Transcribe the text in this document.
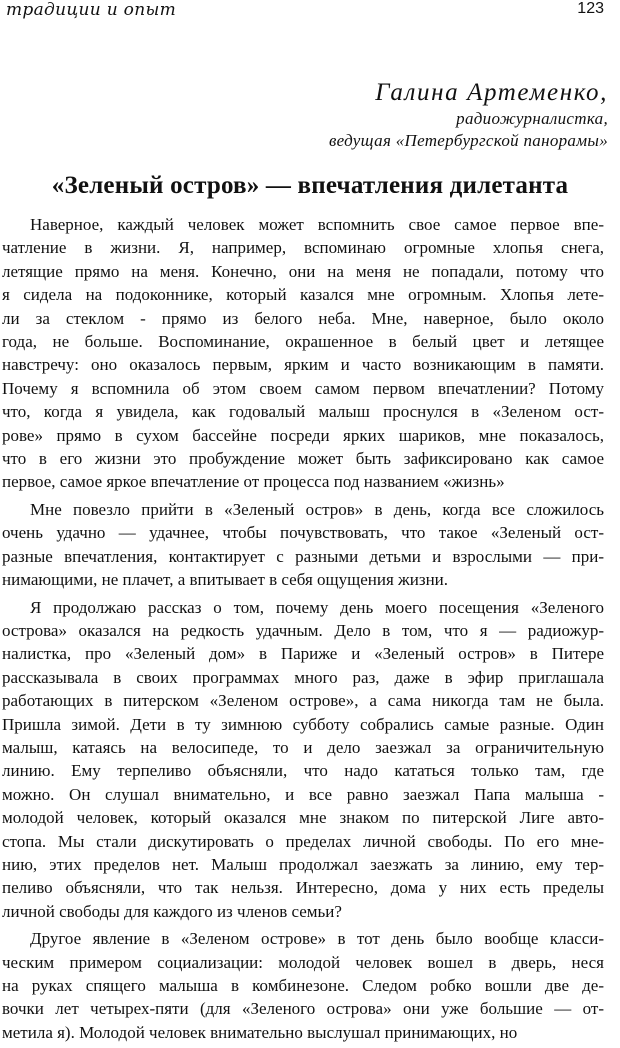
традиции и опыт	123
Галина Артеменко,
радиожурналистка,
ведущая «Петербургской панорамы»
«Зеленый остров» — впечатления дилетанта
Наверное, каждый человек может вспомнить свое самое первое впе-
чатление в жизни. Я, например, вспоминаю огромные хлопья снега,
летящие прямо на меня. Конечно, они на меня не попадали, потому что
я сидела на подоконнике, который казался мне огромным. Хлопья лете-
ли за стеклом - прямо из белого неба. Мне, наверное, было около
года, не больше. Воспоминание, окрашенное в белый цвет и летящее
навстречу: оно оказалось первым, ярким и часто возникающим в памяти.
Почему я вспомнила об этом своем самом первом впечатлении? Потому
что, когда я увидела, как годовалый малыш проснулся в «Зеленом ост-
рове» прямо в сухом бассейне посреди ярких шариков, мне показалось,
что в его жизни это пробуждение может быть зафиксировано как самое
первое, самое яркое впечатление от процесса под названием «жизнь»
Мне повезло прийти в «Зеленый остров» в день, когда все сложилось
очень удачно — удачнее, чтобы почувствовать, что такое «Зеленый ост-
разные впечатления, контактирует с разными детьми и взрослыми — при-
нимающими, не плачет, а впитывает в себя ощущения жизни.
Я продолжаю рассказ о том, почему день моего посещения «Зеленого
острова» оказался на редкость удачным. Дело в том, что я — радиожур-
налистка, про «Зеленый дом» в Париже и «Зеленый остров» в Питере
рассказывала в своих программах много раз, даже в эфир приглашала
работающих в питерском «Зеленом острове», а сама никогда там не была.
Пришла зимой. Дети в ту зимнюю субботу собрались самые разные. Один
малыш, катаясь на велосипеде, то и дело заезжал за ограничительную
линию. Ему терпеливо объясняли, что надо кататься только там, где
можно. Он слушал внимательно, и все равно заезжал Папа малыша -
молодой человек, который оказался мне знаком по питерской Лиге авто-
стопа. Мы стали дискутировать о пределах личной свободы. По его мне-
нию, этих пределов нет. Малыш продолжал заезжать за линию, ему тер-
пеливо объясняли, что так нельзя. Интересно, дома у них есть пределы
личной свободы для каждого из членов семьи?
Другое явление в «Зеленом острове» в тот день было вообще класси-
ческим примером социализации: молодой человек вошел в дверь, неся
на руках спящего малыша в комбинезоне. Следом робко вошли две де-
вочки лет четырех-пяти (для «Зеленого острова» они уже большие — от-
метила я). Молодой человек внимательно выслушал принимающих, но
